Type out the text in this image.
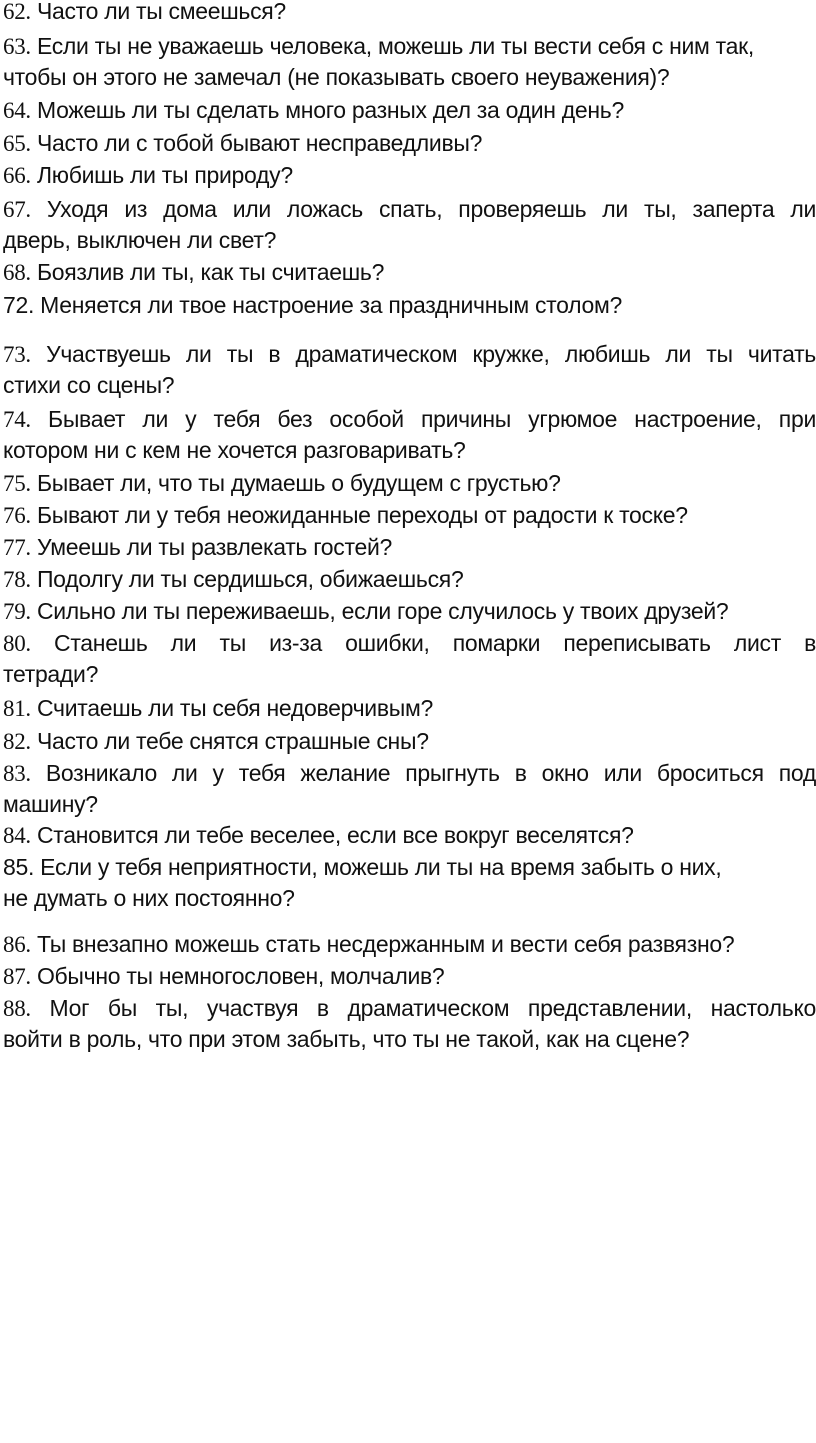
62. Часто ли ты смеешься?
63. Если ты не уважаешь человека, можешь ли ты вести себя с ним так,
чтобы он этого не замечал (не показывать своего неуважения)?
64. Можешь ли ты сделать много разных дел за один день?
65. Часто ли с тобой бывают несправедливы?
66. Любишь ли ты природу?
67. Уходя из дома или ложась спать, проверяешь ли ты, заперта ли
дверь, выключен ли свет?
68. Боязлив ли ты, как ты считаешь?
72. Меняется ли твое настроение за праздничным столом?
73. Участвуешь ли ты в драматическом кружке, любишь ли ты читать
стихи со сцены?
74. Бывает ли у тебя без особой причины угрюмое настроение, при
котором ни с кем не хочется разговаривать?
75. Бывает ли, что ты думаешь о будущем с грустью?
76. Бывают ли у тебя неожиданные переходы от радости к тоске?
77. Умеешь ли ты развлекать гостей?
78. Подолгу ли ты сердишься, обижаешься?
79. Сильно ли ты переживаешь, если горе случилось у твоих друзей?
80. Станешь ли ты из-за ошибки, помарки переписывать лист в
тетради?
81. Считаешь ли ты себя недоверчивым?
82. Часто ли тебе снятся страшные сны?
83. Возникало ли у тебя желание прыгнуть в окно или броситься под
машину?
84. Становится ли тебе веселее, если все вокруг веселятся?
85. Если у тебя неприятности, можешь ли ты на время забыть о них,
не думать о них постоянно?
86. Ты внезапно можешь стать несдержанным и вести себя развязно?
87. Обычно ты немногословен, молчалив?
88. Мог бы ты, участвуя в драматическом представлении, настолько
войти в роль, что при этом забыть, что ты не такой, как на сцене?
